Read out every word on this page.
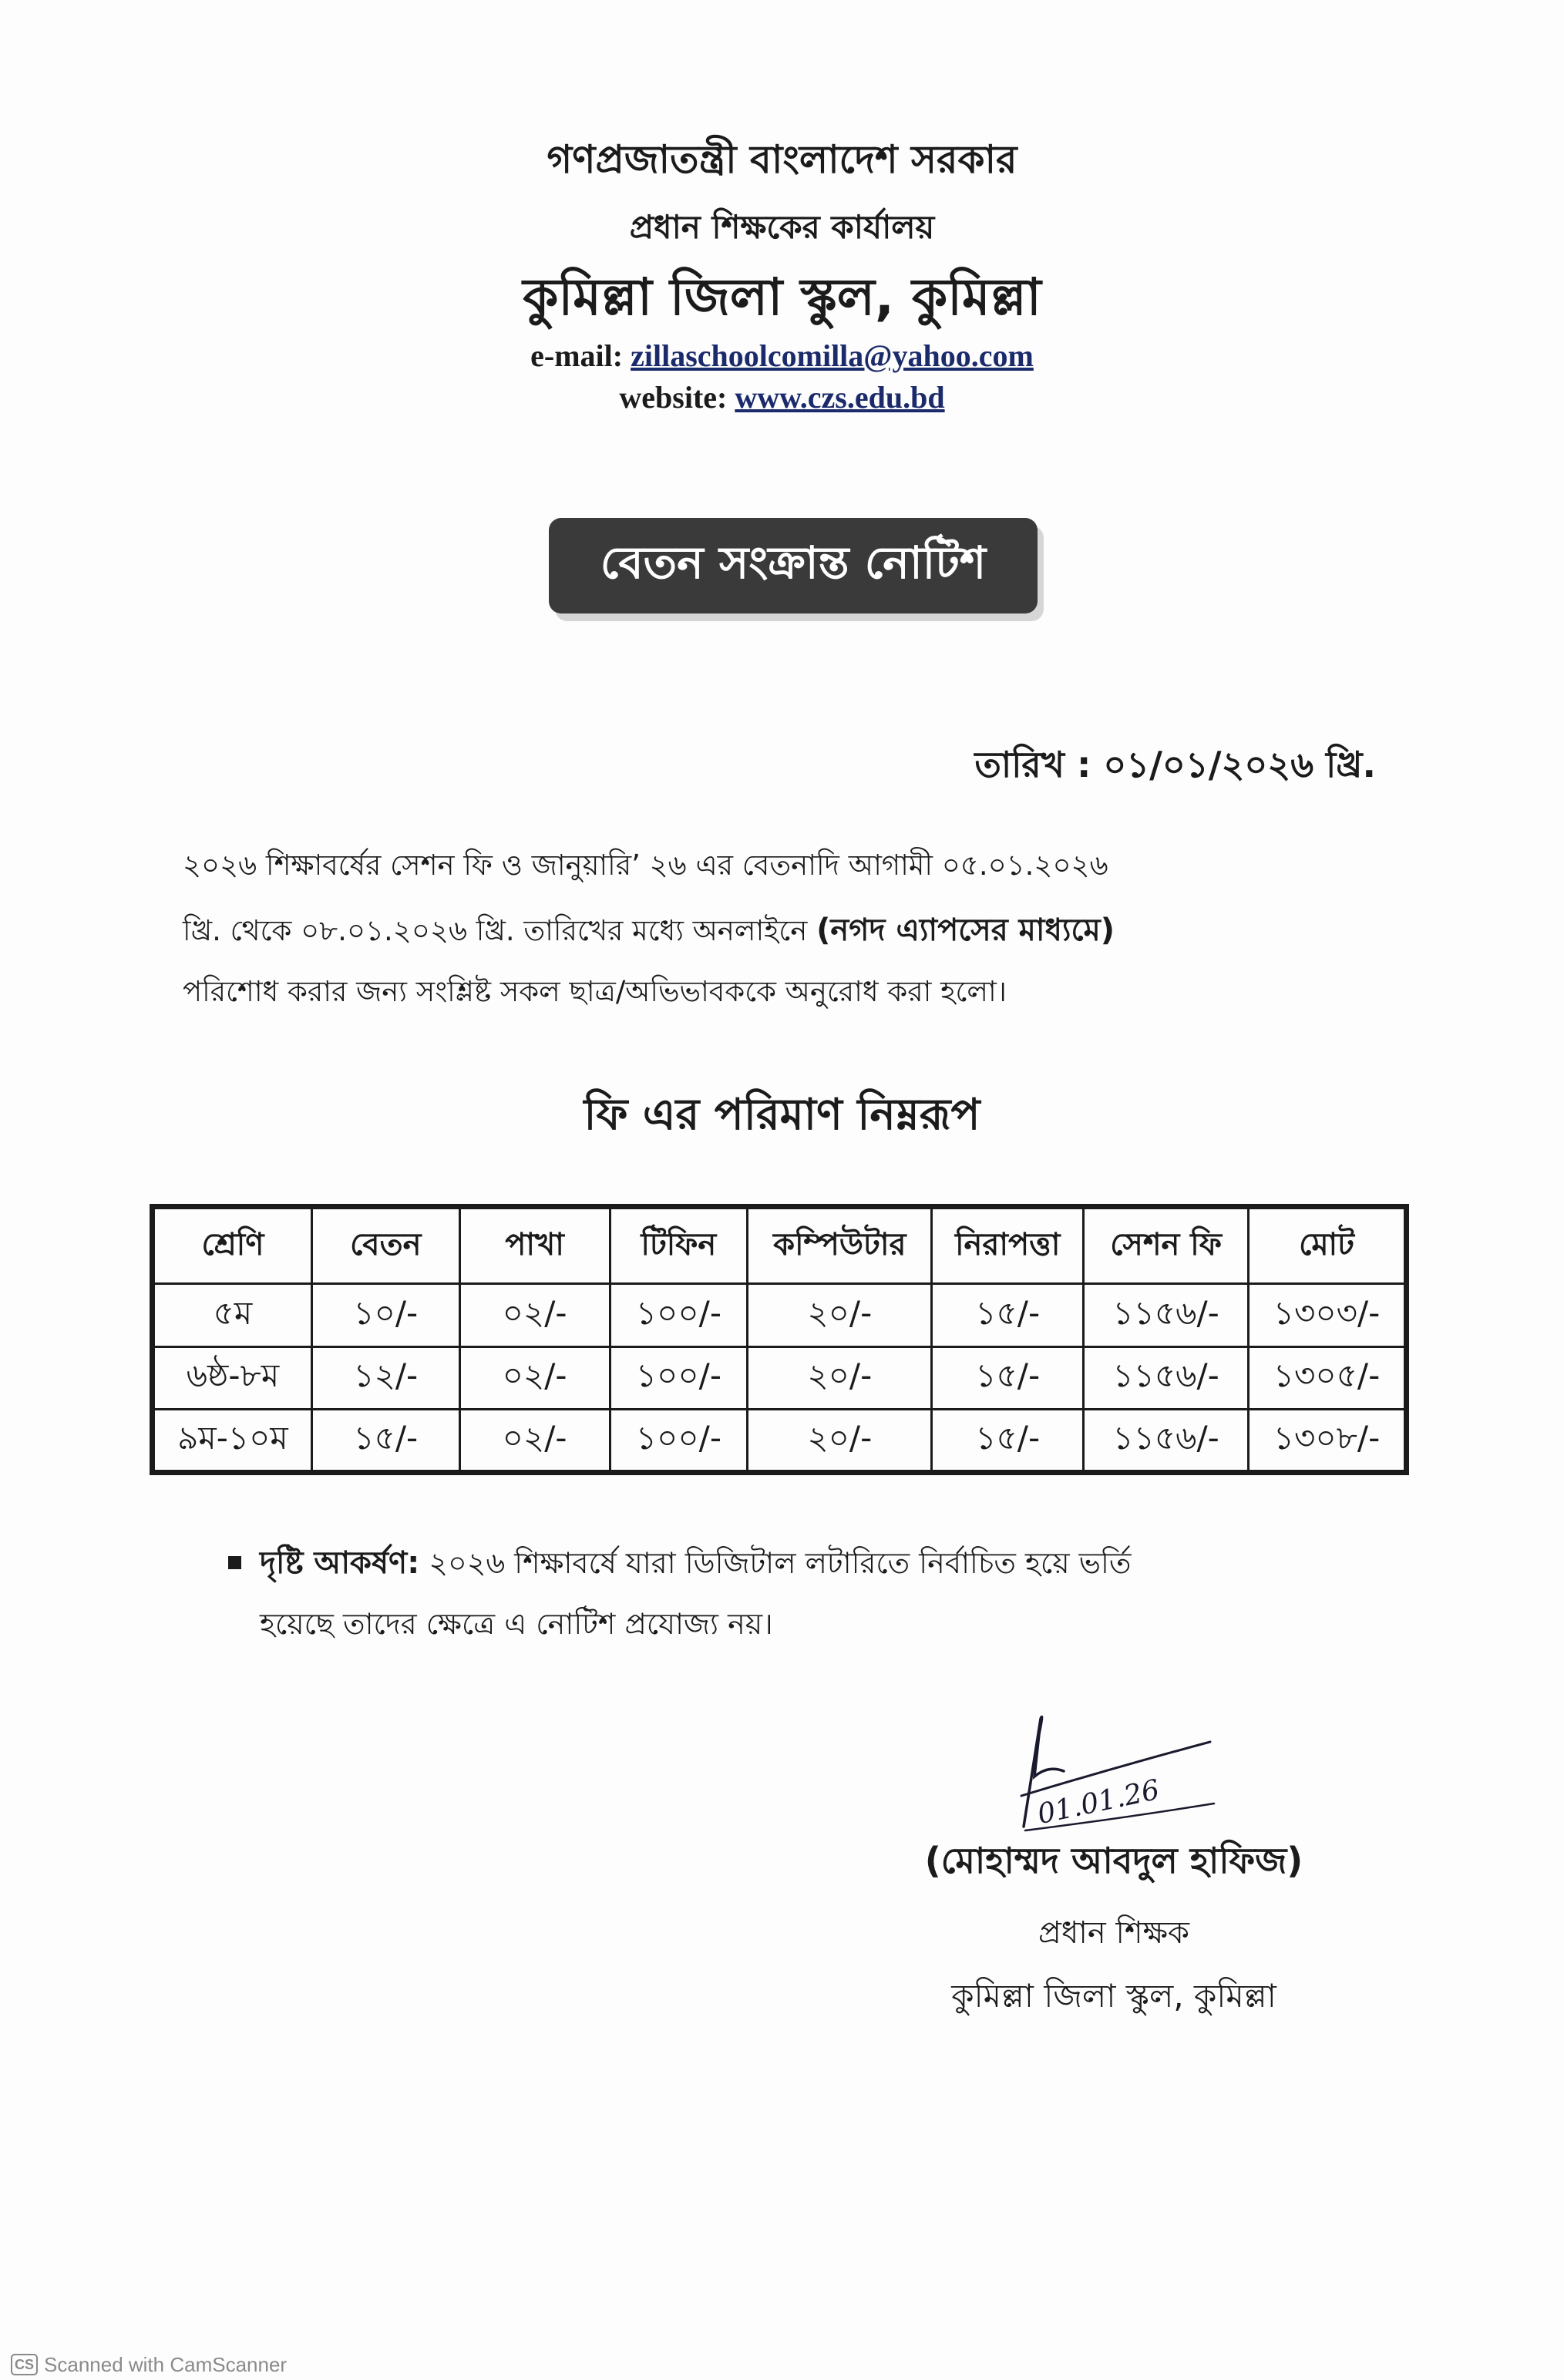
গণপ্রজাতন্ত্রী বাংলাদেশ সরকার
প্রধান শিক্ষকের কার্যালয়
কুমিল্লা জিলা স্কুল, কুমিল্লা
e-mail: zillaschoolcomilla@yahoo.com
website: www.czs.edu.bd
বেতন সংক্রান্ত নোটিশ
তারিখ : ০১/০১/২০২৬ খ্রি.
২০২৬ শিক্ষাবর্ষের সেশন ফি ও জানুয়ারি’ ২৬ এর বেতনাদি আগামী ০৫.০১.২০২৬
খ্রি. থেকে ০৮.০১.২০২৬ খ্রি. তারিখের মধ্যে অনলাইনে (নগদ এ্যাপসের মাধ্যমে)
পরিশোধ করার জন্য সংশ্লিষ্ট সকল ছাত্র/অভিভাবককে অনুরোধ করা হলো।
ফি এর পরিমাণ নিম্নরূপ
শ্রেণি	বেতন	পাখা	টিফিন	কম্পিউটার	নিরাপত্তা	সেশন ফি	মোট
৫ম	১০/-	০২/-	১০০/-	২০/-	১৫/-	১১৫৬/-	১৩০৩/-
৬ষ্ঠ-৮ম	১২/-	০২/-	১০০/-	২০/-	১৫/-	১১৫৬/-	১৩০৫/-
৯ম-১০ম	১৫/-	০২/-	১০০/-	২০/-	১৫/-	১১৫৬/-	১৩০৮/-
দৃষ্টি আকর্ষণ: ২০২৬ শিক্ষাবর্ষে যারা ডিজিটাল লটারিতে নির্বাচিত হয়ে ভর্তি
হয়েছে তাদের ক্ষেত্রে এ নোটিশ প্রযোজ্য নয়।
01.01.26
(মোহাম্মদ আবদুল হাফিজ)
প্রধান শিক্ষক
কুমিল্লা জিলা স্কুল, কুমিল্লা
CS Scanned with CamScanner
